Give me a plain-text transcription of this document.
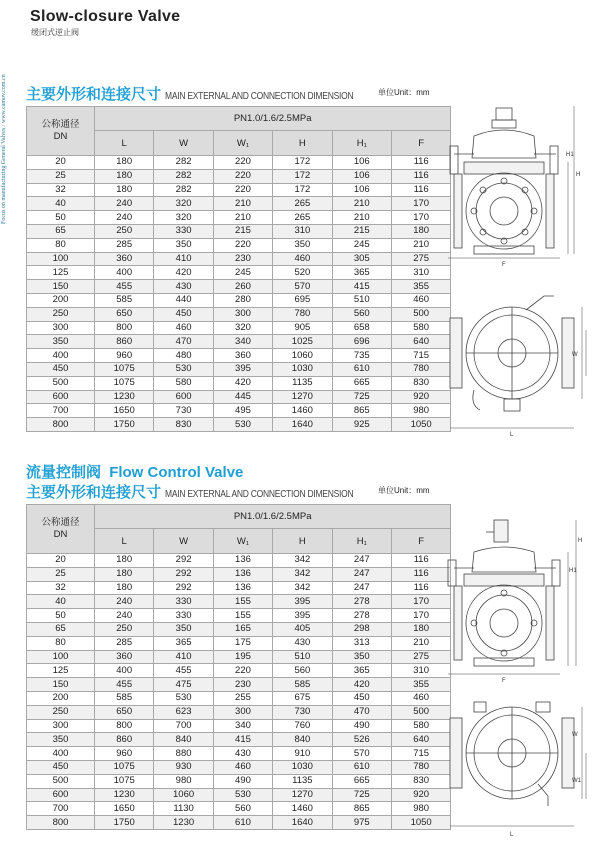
Slow-closure Valve
缓闭式逆止阀
Focus on manufacturing General Valves / www.camov.com.cn 主要外形和连接尺寸 MAIN EXTERNAL AND CONNECTION DIMENSION	单位Unit：mm
公称通径
DN	PN1.0/1.6/2.5MPa					
	L	W	W₁	H	H₁	F
20	180	282	220	172	106	116
25	180	282	220	172	106	116
32	180	282	220	172	106	116
40	240	320	210	265	210	170
50	240	320	210	265	210	170
65	250	330	215	310	215	180
80	285	350	220	350	245	210
100	360	410	230	460	305	275
125	400	420	245	520	365	310
150	455	430	260	570	415	355
200	585	440	280	695	510	460
250	650	450	300	780	560	500
300	800	460	320	905	658	580
350	860	470	340	1025	696	640
400	960	480	360	1060	735	715
450	1075	530	395	1030	610	780
500	1075	580	420	1135	665	830
600	1230	600	445	1270	725	920
700	1650	730	495	1460	865	980
800	1750	830	530	1640	925	1050
流量控制阀 Flow Control Valve
主要外形和连接尺寸 MAIN EXTERNAL AND CONNECTION DIMENSION	单位Unit：mm
公称通径
DN	PN1.0/1.6/2.5MPa					
	L	W	W₁	H	H₁	F
20	180	292	136	342	247	116
25	180	292	136	342	247	116
32	180	292	136	342	247	116
40	240	330	155	395	278	170
50	240	330	155	395	278	170
65	250	350	165	405	298	180
80	285	365	175	430	313	210
100	360	410	195	510	350	275
125	400	455	220	560	365	310
150	455	475	230	585	420	355
200	585	530	255	675	450	460
250	650	623	300	730	470	500
300	800	700	340	760	490	580
350	860	840	415	840	526	640
400	960	880	430	910	570	715
450	1075	930	460	1030	610	780
500	1075	980	490	1135	665	830
600	1230	1060	530	1270	725	920
700	1650	1130	560	1460	865	980
800	1750	1230	610	1640	975	1050
H1
H
F
L
W
H1
H
F
L
W
W1
